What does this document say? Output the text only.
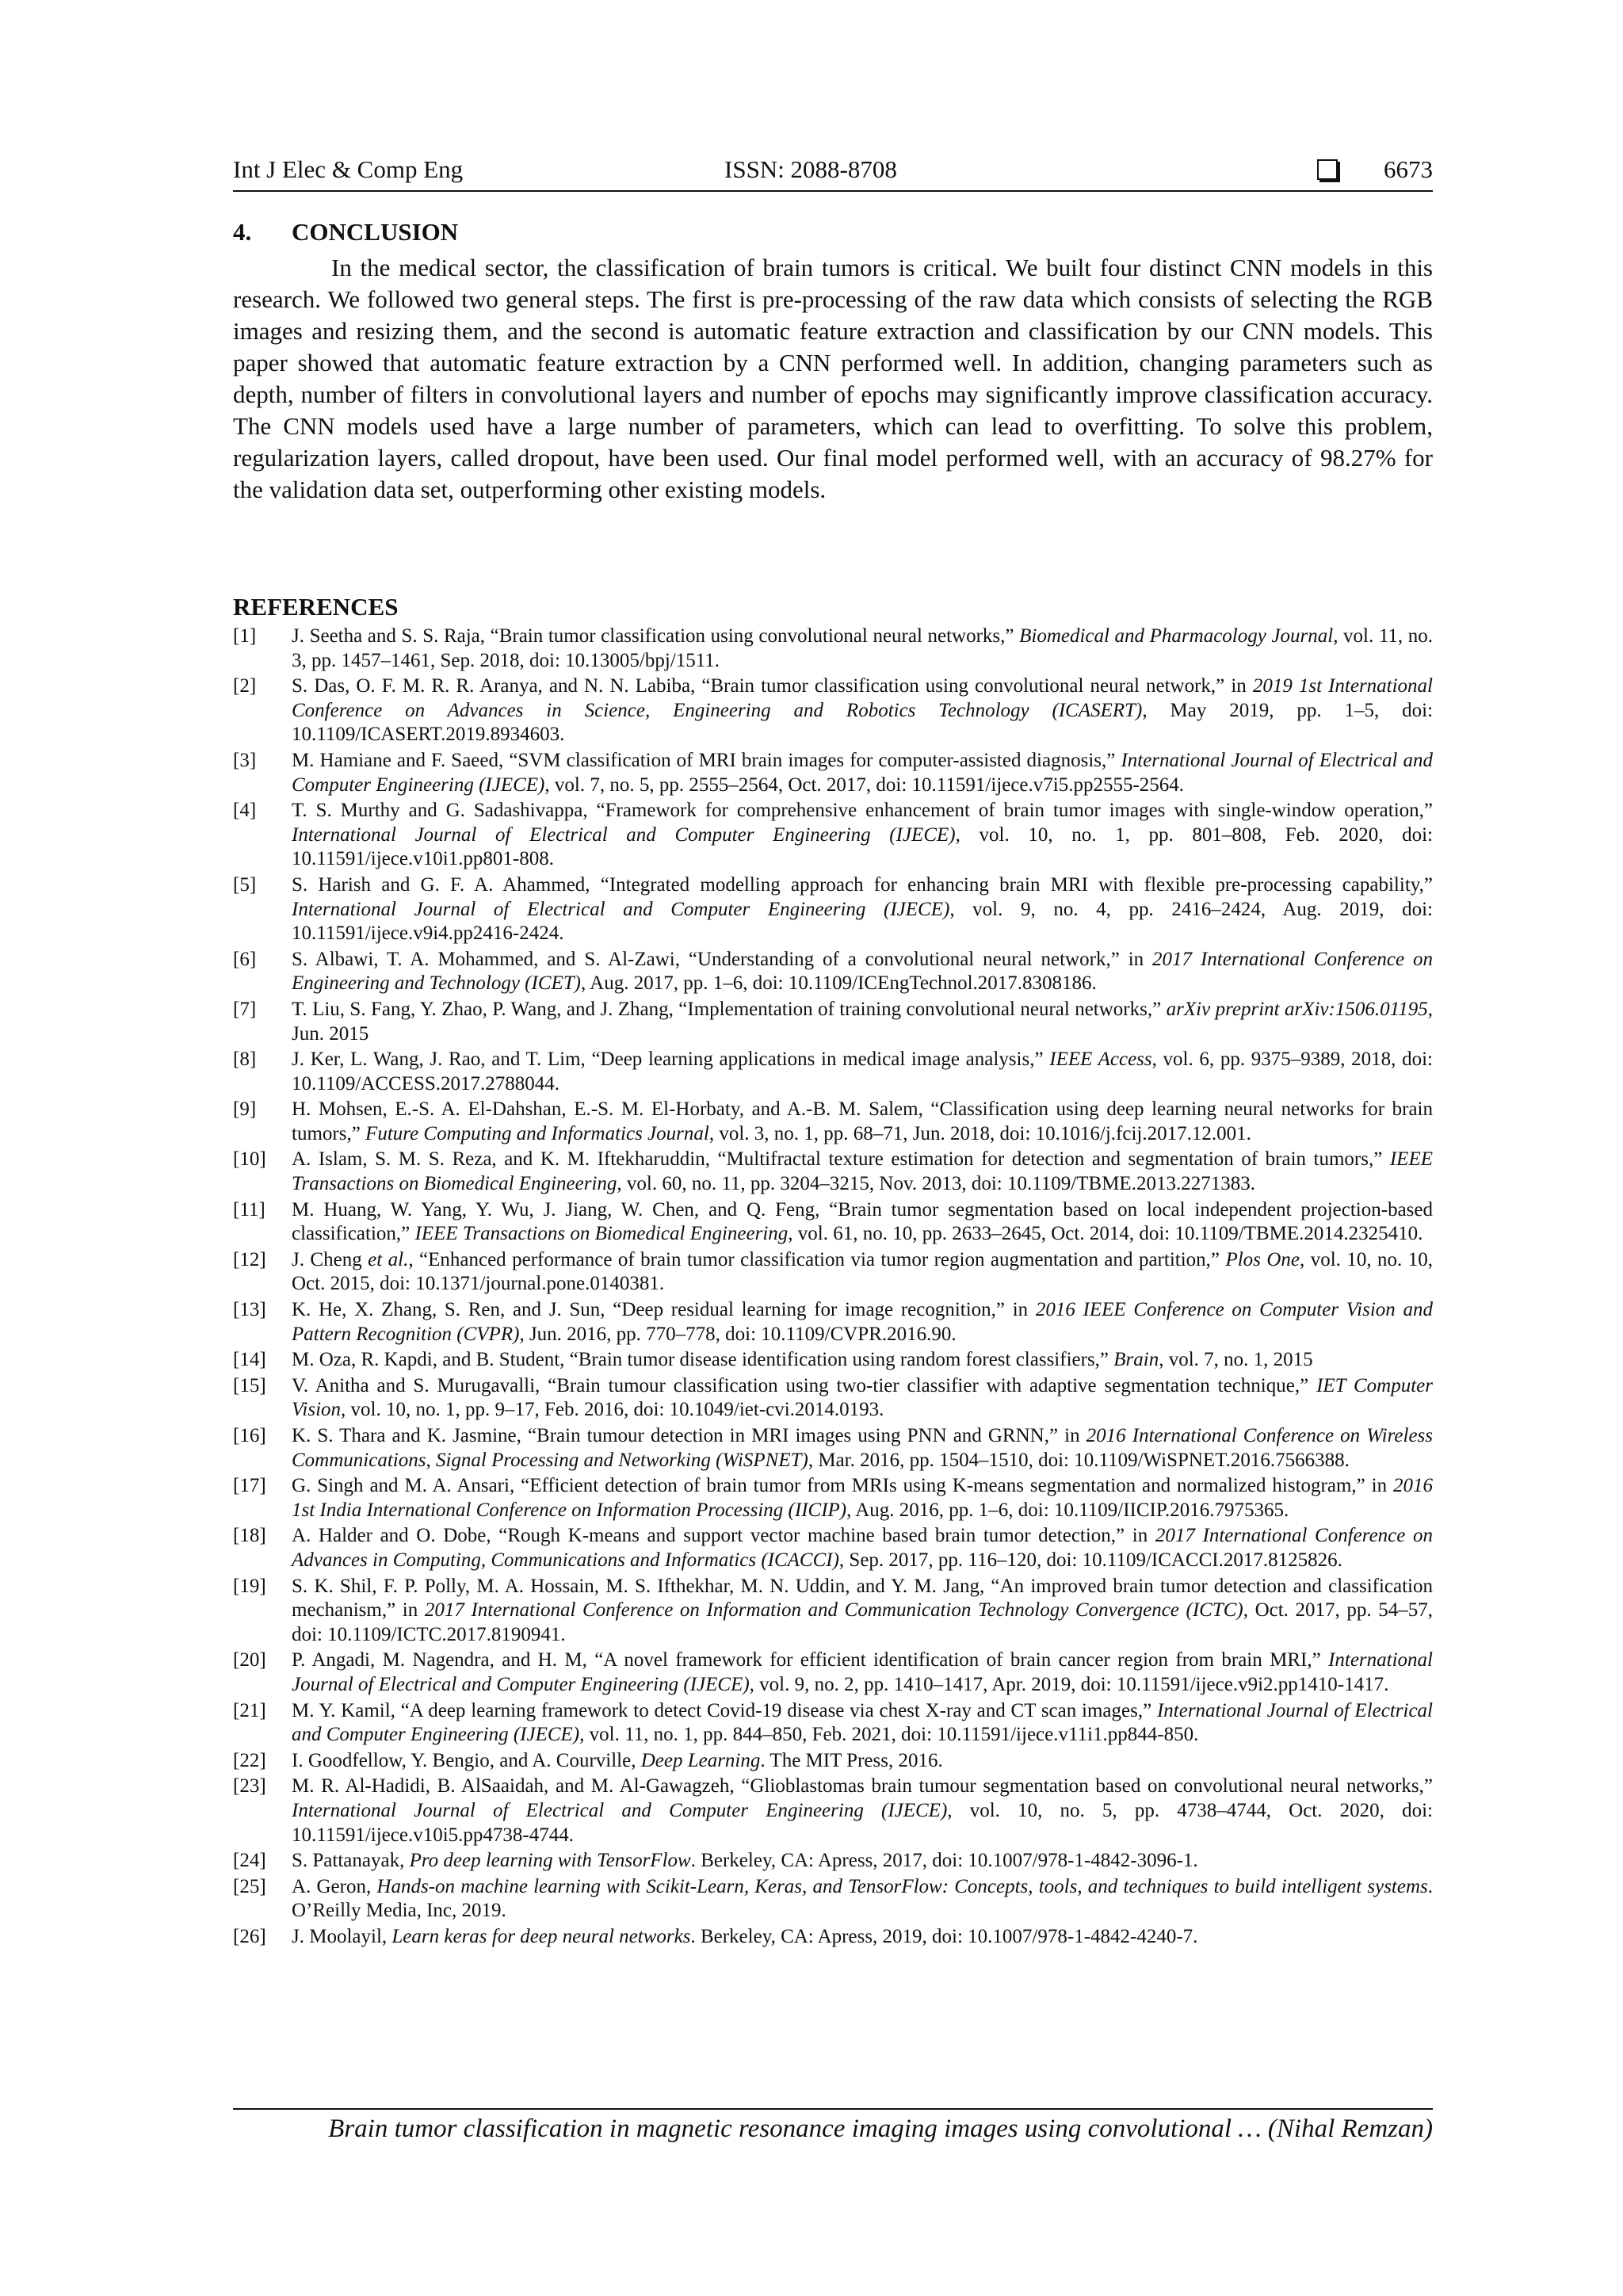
Int J Elec & Comp Eng	ISSN: 2088-8708	6673
4. CONCLUSION

In the medical sector, the classification of brain tumors is critical. We built four distinct CNN models in this research. We followed two general steps. The first is pre-processing of the raw data which consists of selecting the RGB images and resizing them, and the second is automatic feature extraction and classification by our CNN models. This paper showed that automatic feature extraction by a CNN performed well. In addition, changing parameters such as depth, number of filters in convolutional layers and number of epochs may significantly improve classification accuracy. The CNN models used have a large number of parameters, which can lead to overfitting. To solve this problem, regularization layers, called dropout, have been used. Our final model performed well, with an accuracy of 98.27% for the validation data set, outperforming other existing models.

REFERENCES
[1] J. Seetha and S. S. Raja, “Brain tumor classification using convolutional neural networks,” Biomedical and Pharmacology Journal, vol. 11, no. 3, pp. 1457–1461, Sep. 2018, doi: 10.13005/bpj/1511.
[2] S. Das, O. F. M. R. R. Aranya, and N. N. Labiba, “Brain tumor classification using convolutional neural network,” in 2019 1st International Conference on Advances in Science, Engineering and Robotics Technology (ICASERT), May 2019, pp. 1–5, doi: 10.1109/ICASERT.2019.8934603.
[3] M. Hamiane and F. Saeed, “SVM classification of MRI brain images for computer-assisted diagnosis,” International Journal of Electrical and Computer Engineering (IJECE), vol. 7, no. 5, pp. 2555–2564, Oct. 2017, doi: 10.11591/ijece.v7i5.pp2555-2564.
[4] T. S. Murthy and G. Sadashivappa, “Framework for comprehensive enhancement of brain tumor images with single-window operation,” International Journal of Electrical and Computer Engineering (IJECE), vol. 10, no. 1, pp. 801–808, Feb. 2020, doi: 10.11591/ijece.v10i1.pp801-808.
[5] S. Harish and G. F. A. Ahammed, “Integrated modelling approach for enhancing brain MRI with flexible pre-processing capability,” International Journal of Electrical and Computer Engineering (IJECE), vol. 9, no. 4, pp. 2416–2424, Aug. 2019, doi: 10.11591/ijece.v9i4.pp2416-2424.
[6] S. Albawi, T. A. Mohammed, and S. Al-Zawi, “Understanding of a convolutional neural network,” in 2017 International Conference on Engineering and Technology (ICET), Aug. 2017, pp. 1–6, doi: 10.1109/ICEngTechnol.2017.8308186.
[7] T. Liu, S. Fang, Y. Zhao, P. Wang, and J. Zhang, “Implementation of training convolutional neural networks,” arXiv preprint arXiv:1506.01195, Jun. 2015
[8] J. Ker, L. Wang, J. Rao, and T. Lim, “Deep learning applications in medical image analysis,” IEEE Access, vol. 6, pp. 9375–9389, 2018, doi: 10.1109/ACCESS.2017.2788044.
[9] H. Mohsen, E.-S. A. El-Dahshan, E.-S. M. El-Horbaty, and A.-B. M. Salem, “Classification using deep learning neural networks for brain tumors,” Future Computing and Informatics Journal, vol. 3, no. 1, pp. 68–71, Jun. 2018, doi: 10.1016/j.fcij.2017.12.001.
[10] A. Islam, S. M. S. Reza, and K. M. Iftekharuddin, “Multifractal texture estimation for detection and segmentation of brain tumors,” IEEE Transactions on Biomedical Engineering, vol. 60, no. 11, pp. 3204–3215, Nov. 2013, doi: 10.1109/TBME.2013.2271383.
[11] M. Huang, W. Yang, Y. Wu, J. Jiang, W. Chen, and Q. Feng, “Brain tumor segmentation based on local independent projection-based classification,” IEEE Transactions on Biomedical Engineering, vol. 61, no. 10, pp. 2633–2645, Oct. 2014, doi: 10.1109/TBME.2014.2325410.
[12] J. Cheng et al., “Enhanced performance of brain tumor classification via tumor region augmentation and partition,” Plos One, vol. 10, no. 10, Oct. 2015, doi: 10.1371/journal.pone.0140381.
[13] K. He, X. Zhang, S. Ren, and J. Sun, “Deep residual learning for image recognition,” in 2016 IEEE Conference on Computer Vision and Pattern Recognition (CVPR), Jun. 2016, pp. 770–778, doi: 10.1109/CVPR.2016.90.
[14] M. Oza, R. Kapdi, and B. Student, “Brain tumor disease identification using random forest classifiers,” Brain, vol. 7, no. 1, 2015
[15] V. Anitha and S. Murugavalli, “Brain tumour classification using two-tier classifier with adaptive segmentation technique,” IET Computer Vision, vol. 10, no. 1, pp. 9–17, Feb. 2016, doi: 10.1049/iet-cvi.2014.0193.
[16] K. S. Thara and K. Jasmine, “Brain tumour detection in MRI images using PNN and GRNN,” in 2016 International Conference on Wireless Communications, Signal Processing and Networking (WiSPNET), Mar. 2016, pp. 1504–1510, doi: 10.1109/WiSPNET.2016.7566388.
[17] G. Singh and M. A. Ansari, “Efficient detection of brain tumor from MRIs using K-means segmentation and normalized histogram,” in 2016 1st India International Conference on Information Processing (IICIP), Aug. 2016, pp. 1–6, doi: 10.1109/IICIP.2016.7975365.
[18] A. Halder and O. Dobe, “Rough K-means and support vector machine based brain tumor detection,” in 2017 International Conference on Advances in Computing, Communications and Informatics (ICACCI), Sep. 2017, pp. 116–120, doi: 10.1109/ICACCI.2017.8125826.
[19] S. K. Shil, F. P. Polly, M. A. Hossain, M. S. Ifthekhar, M. N. Uddin, and Y. M. Jang, “An improved brain tumor detection and classification mechanism,” in 2017 International Conference on Information and Communication Technology Convergence (ICTC), Oct. 2017, pp. 54–57, doi: 10.1109/ICTC.2017.8190941.
[20] P. Angadi, M. Nagendra, and H. M, “A novel framework for efficient identification of brain cancer region from brain MRI,” International Journal of Electrical and Computer Engineering (IJECE), vol. 9, no. 2, pp. 1410–1417, Apr. 2019, doi: 10.11591/ijece.v9i2.pp1410-1417.
[21] M. Y. Kamil, “A deep learning framework to detect Covid-19 disease via chest X-ray and CT scan images,” International Journal of Electrical and Computer Engineering (IJECE), vol. 11, no. 1, pp. 844–850, Feb. 2021, doi: 10.11591/ijece.v11i1.pp844-850.
[22] I. Goodfellow, Y. Bengio, and A. Courville, Deep Learning. The MIT Press, 2016.
[23] M. R. Al-Hadidi, B. AlSaaidah, and M. Al-Gawagzeh, “Glioblastomas brain tumour segmentation based on convolutional neural networks,” International Journal of Electrical and Computer Engineering (IJECE), vol. 10, no. 5, pp. 4738–4744, Oct. 2020, doi: 10.11591/ijece.v10i5.pp4738-4744.
[24] S. Pattanayak, Pro deep learning with TensorFlow. Berkeley, CA: Apress, 2017, doi: 10.1007/978-1-4842-3096-1.
[25] A. Geron, Hands-on machine learning with Scikit-Learn, Keras, and TensorFlow: Concepts, tools, and techniques to build intelligent systems. O’Reilly Media, Inc, 2019.
[26] J. Moolayil, Learn keras for deep neural networks. Berkeley, CA: Apress, 2019, doi: 10.1007/978-1-4842-4240-7.
Brain tumor classification in magnetic resonance imaging images using convolutional … (Nihal Remzan)
